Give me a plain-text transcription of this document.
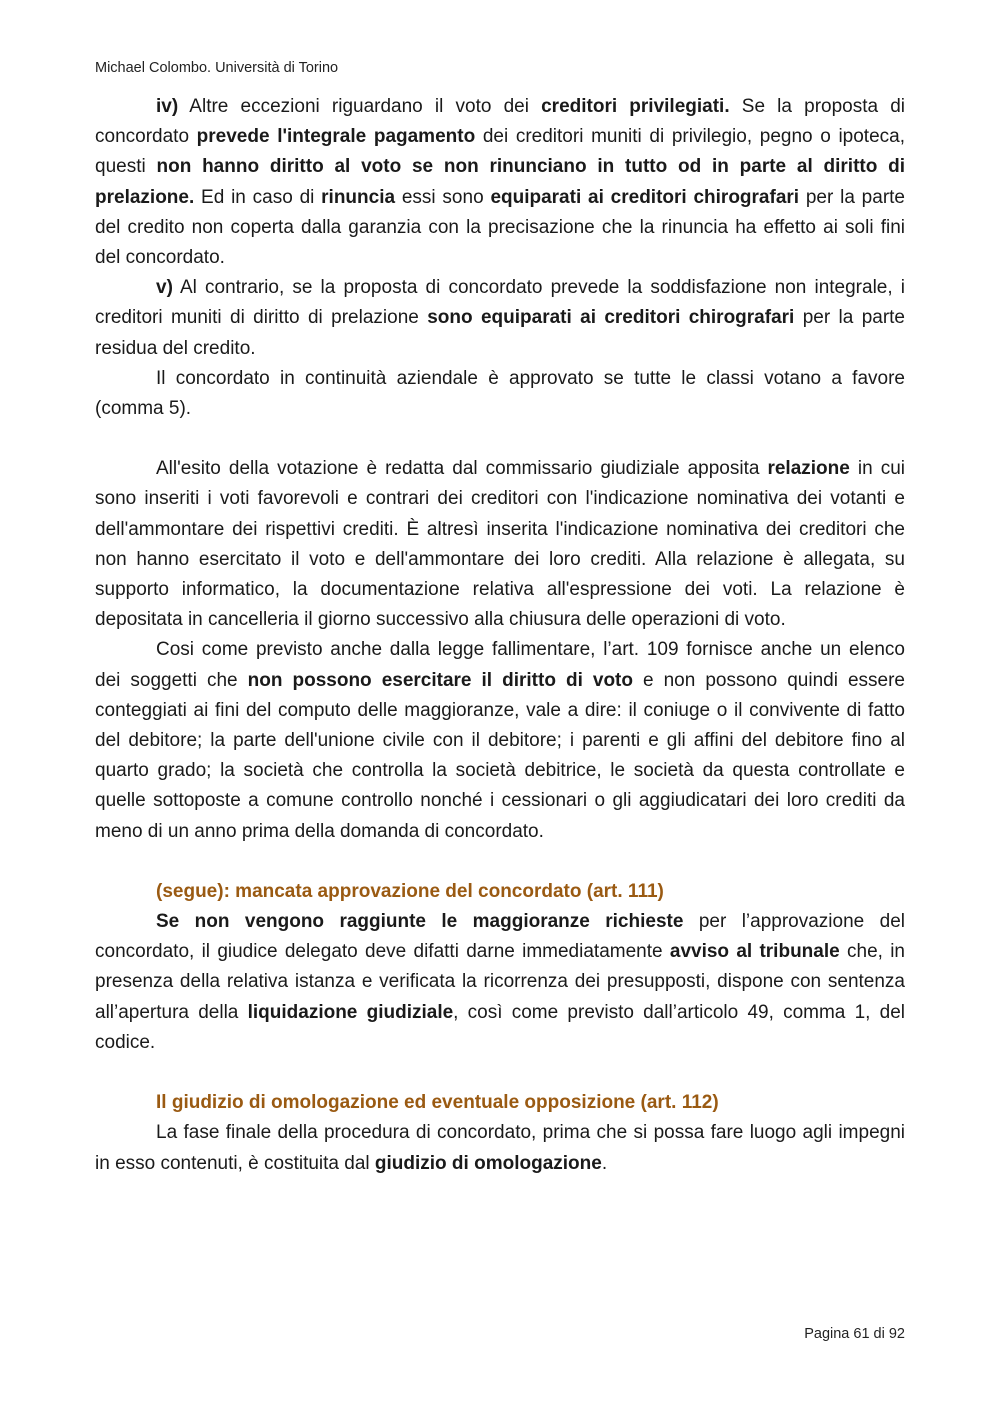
Michael Colombo. Università di Torino

iv) Altre eccezioni riguardano il voto dei creditori privilegiati. Se la proposta di concordato prevede l'integrale pagamento dei creditori muniti di privilegio, pegno o ipoteca, questi non hanno diritto al voto se non rinunciano in tutto od in parte al diritto di prelazione. Ed in caso di rinuncia essi sono equiparati ai creditori chirografari per la parte del credito non coperta dalla garanzia con la precisazione che la rinuncia ha effetto ai soli fini del concordato.

v) Al contrario, se la proposta di concordato prevede la soddisfazione non integrale, i creditori muniti di diritto di prelazione sono equiparati ai creditori chirografari per la parte residua del credito.

Il concordato in continuità aziendale è approvato se tutte le classi votano a favore (comma 5).

All'esito della votazione è redatta dal commissario giudiziale apposita relazione in cui sono inseriti i voti favorevoli e contrari dei creditori con l'indicazione nominativa dei votanti e dell'ammontare dei rispettivi crediti. È altresì inserita l'indicazione nominativa dei creditori che non hanno esercitato il voto e dell'ammontare dei loro crediti. Alla relazione è allegata, su supporto informatico, la documentazione relativa all'espressione dei voti. La relazione è depositata in cancelleria il giorno successivo alla chiusura delle operazioni di voto.

Cosi come previsto anche dalla legge fallimentare, l’art. 109 fornisce anche un elenco dei soggetti che non possono esercitare il diritto di voto e non possono quindi essere conteggiati ai fini del computo delle maggioranze, vale a dire: il coniuge o il convivente di fatto del debitore; la parte dell'unione civile con il debitore; i parenti e gli affini del debitore fino al quarto grado; la società che controlla la società debitrice, le società da questa controllate e quelle sottoposte a comune controllo nonché i cessionari o gli aggiudicatari dei loro crediti da meno di un anno prima della domanda di concordato.

(segue): mancata approvazione del concordato (art. 111)

Se non vengono raggiunte le maggioranze richieste per l’approvazione del concordato, il giudice delegato deve difatti darne immediatamente avviso al tribunale che, in presenza della relativa istanza e verificata la ricorrenza dei presupposti, dispone con sentenza all’apertura della liquidazione giudiziale, così come previsto dall’articolo 49, comma 1, del codice.

Il giudizio di omologazione ed eventuale opposizione (art. 112)

La fase finale della procedura di concordato, prima che si possa fare luogo agli impegni in esso contenuti, è costituita dal giudizio di omologazione.

Pagina 61 di 92
